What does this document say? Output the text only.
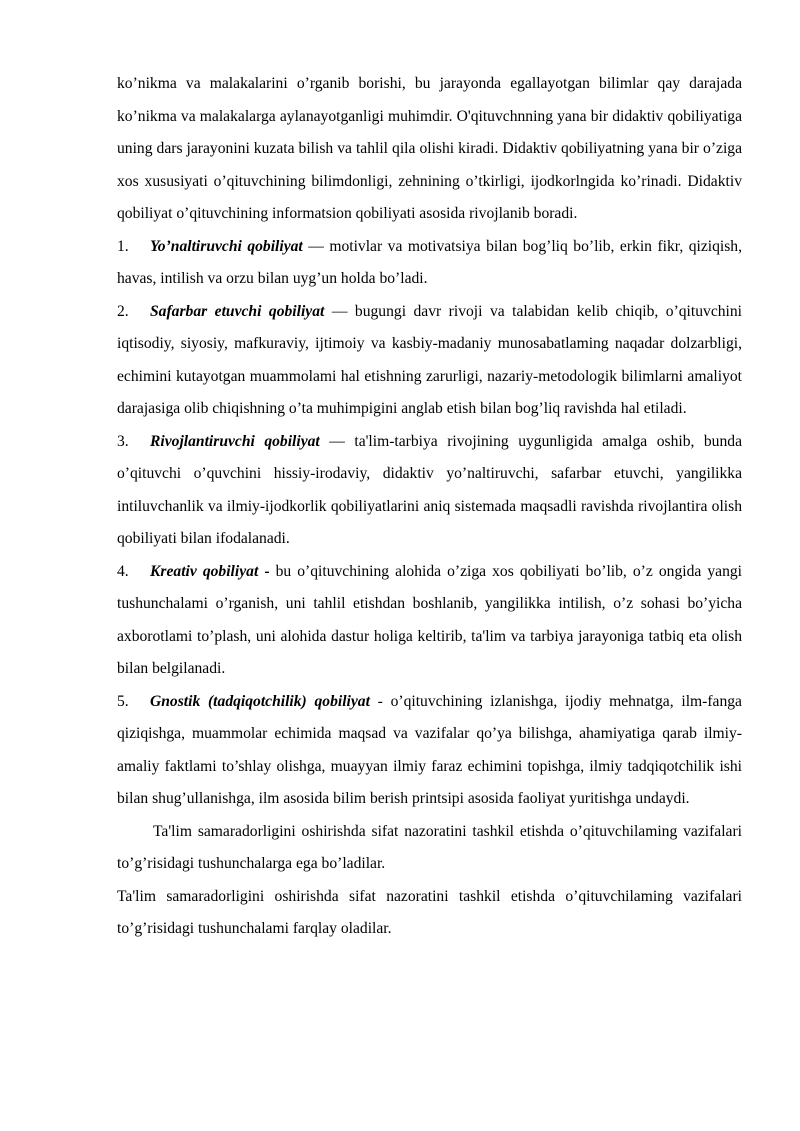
ko’nikma va malakalarini o’rganib borishi, bu jarayonda egallayotgan bilimlar qay darajada ko’nikma va malakalarga aylanayotganligi muhimdir. O'qituvchnning yana bir didaktiv qobiliyatiga uning dars jarayonini kuzata bilish va tahlil qila olishi kiradi. Didaktiv qobiliyatning yana bir o’ziga xos xususiyati o’qituvchining bilimdonligi, zehnining o’tkirligi, ijodkorlngida ko’rinadi. Didaktiv qobiliyat o’qituvchining informatsion qobiliyati asosida rivojlanib boradi.

1. Yo’naltiruvchi qobiliyat — motivlar va motivatsiya bilan bog’liq bo’lib, erkin fikr, qiziqish, havas, intilish va orzu bilan uyg’un holda bo’ladi.

2. Safarbar etuvchi qobiliyat — bugungi davr rivoji va talabidan kelib chiqib, o’qituvchini iqtisodiy, siyosiy, mafkuraviy, ijtimoiy va kasbiy-madaniy munosabatlaming naqadar dolzarbligi, echimini kutayotgan muammolami hal etishning zarurligi, nazariy-metodologik bilimlarni amaliyot darajasiga olib chiqishning o’ta muhimpigini anglab etish bilan bog’liq ravishda hal etiladi.

3. Rivojlantiruvchi qobiliyat — ta'lim-tarbiya rivojining uygunligida amalga oshib, bunda o’qituvchi o’quvchini hissiy-irodaviy, didaktiv yo’naltiruvchi, safarbar etuvchi, yangilikka intiluvchanlik va ilmiy-ijodkorlik qobiliyatlarini aniq sistemada maqsadli ravishda rivojlantira olish qobiliyati bilan ifodalanadi.

4. Kreativ qobiliyat - bu o’qituvchining alohida o’ziga xos qobiliyati bo’lib, o’z ongida yangi tushunchalami o’rganish, uni tahlil etishdan boshlanib, yangilikka intilish, o’z sohasi bo’yicha axborotlami to’plash, uni alohida dastur holiga keltirib, ta'lim va tarbiya jarayoniga tatbiq eta olish bilan belgilanadi.

5. Gnostik (tadqiqotchilik) qobiliyat - o’qituvchining izlanishga, ijodiy mehnatga, ilm-fanga qiziqishga, muammolar echimida maqsad va vazifalar qo’ya bilishga, ahamiyatiga qarab ilmiy-amaliy faktlami to’shlay olishga, muayyan ilmiy faraz echimini topishga, ilmiy tadqiqotchilik ishi bilan shug’ullanishga, ilm asosida bilim berish printsipi asosida faoliyat yuritishga undaydi.

Ta'lim samaradorligini oshirishda sifat nazoratini tashkil etishda o’qituvchilaming vazifalari to’g’risidagi tushunchalarga ega bo’ladilar.

Ta'lim samaradorligini oshirishda sifat nazoratini tashkil etishda o’qituvchilaming vazifalari to’g’risidagi tushunchalami farqlay oladilar.
